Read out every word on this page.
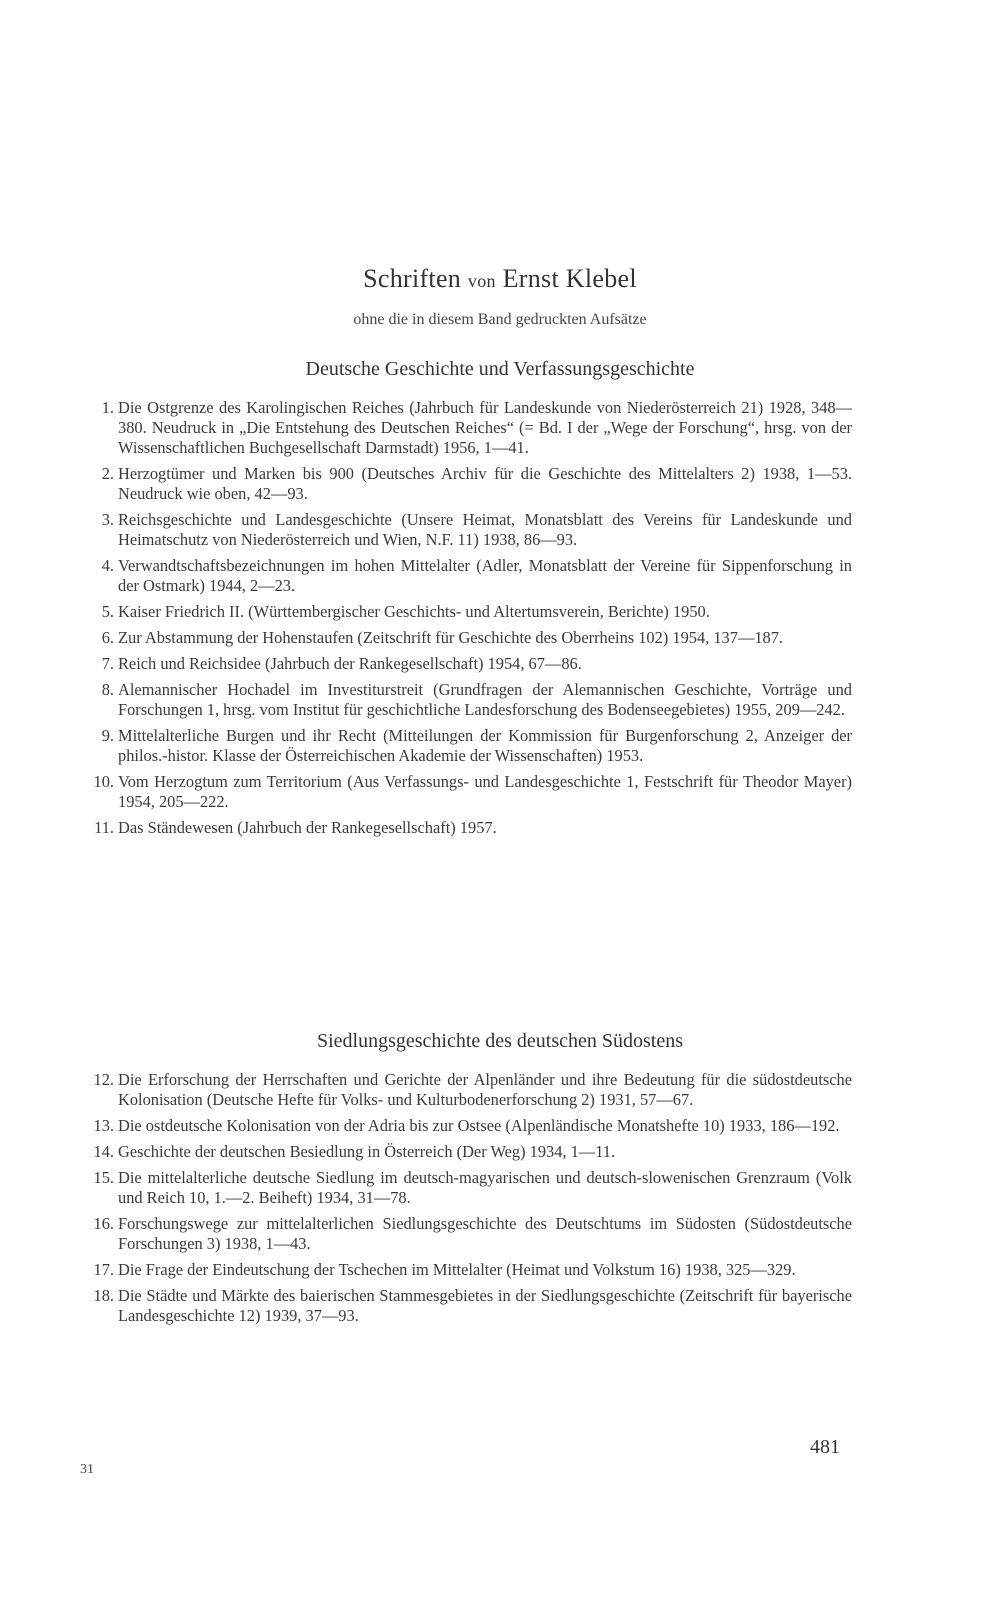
Schriften von Ernst Klebel
ohne die in diesem Band gedruckten Aufsätze
Deutsche Geschichte und Verfassungsgeschichte
1. Die Ostgrenze des Karolingischen Reiches (Jahrbuch für Landeskunde von Niederösterreich 21) 1928, 348—380. Neudruck in „Die Entstehung des Deutschen Reiches“ (= Bd. I der „Wege der Forschung“, hrsg. von der Wissenschaftlichen Buchgesellschaft Darmstadt) 1956, 1—41.
2. Herzogtümer und Marken bis 900 (Deutsches Archiv für die Geschichte des Mittelalters 2) 1938, 1—53. Neudruck wie oben, 42—93.
3. Reichsgeschichte und Landesgeschichte (Unsere Heimat, Monatsblatt des Vereins für Landeskunde und Heimatschutz von Niederösterreich und Wien, N.F. 11) 1938, 86—93.
4. Verwandtschaftsbezeichnungen im hohen Mittelalter (Adler, Monatsblatt der Vereine für Sippenforschung in der Ostmark) 1944, 2—23.
5. Kaiser Friedrich II. (Württembergischer Geschichts- und Altertumsverein, Berichte) 1950.
6. Zur Abstammung der Hohenstaufen (Zeitschrift für Geschichte des Oberrheins 102) 1954, 137—187.
7. Reich und Reichsidee (Jahrbuch der Rankegesellschaft) 1954, 67—86.
8. Alemannischer Hochadel im Investiturstreit (Grundfragen der Alemannischen Geschichte, Vorträge und Forschungen 1, hrsg. vom Institut für geschichtliche Landesforschung des Bodenseegebietes) 1955, 209—242.
9. Mittelalterliche Burgen und ihr Recht (Mitteilungen der Kommission für Burgenforschung 2, Anzeiger der philos.-histor. Klasse der Österreichischen Akademie der Wissenschaften) 1953.
10. Vom Herzogtum zum Territorium (Aus Verfassungs- und Landesgeschichte 1, Festschrift für Theodor Mayer) 1954, 205—222.
11. Das Ständewesen (Jahrbuch der Rankegesellschaft) 1957.
Siedlungsgeschichte des deutschen Südostens
12. Die Erforschung der Herrschaften und Gerichte der Alpenländer und ihre Bedeutung für die südostdeutsche Kolonisation (Deutsche Hefte für Volks- und Kulturbodenerforschung 2) 1931, 57—67.
13. Die ostdeutsche Kolonisation von der Adria bis zur Ostsee (Alpenländische Monatshefte 10) 1933, 186—192.
14. Geschichte der deutschen Besiedlung in Österreich (Der Weg) 1934, 1—11.
15. Die mittelalterliche deutsche Siedlung im deutsch-magyarischen und deutsch-slowenischen Grenzraum (Volk und Reich 10, 1.—2. Beiheft) 1934, 31—78.
16. Forschungswege zur mittelalterlichen Siedlungsgeschichte des Deutschtums im Südosten (Südostdeutsche Forschungen 3) 1938, 1—43.
17. Die Frage der Eindeutschung der Tschechen im Mittelalter (Heimat und Volkstum 16) 1938, 325—329.
18. Die Städte und Märkte des baierischen Stammesgebietes in der Siedlungsgeschichte (Zeitschrift für bayerische Landesgeschichte 12) 1939, 37—93.
31
481
